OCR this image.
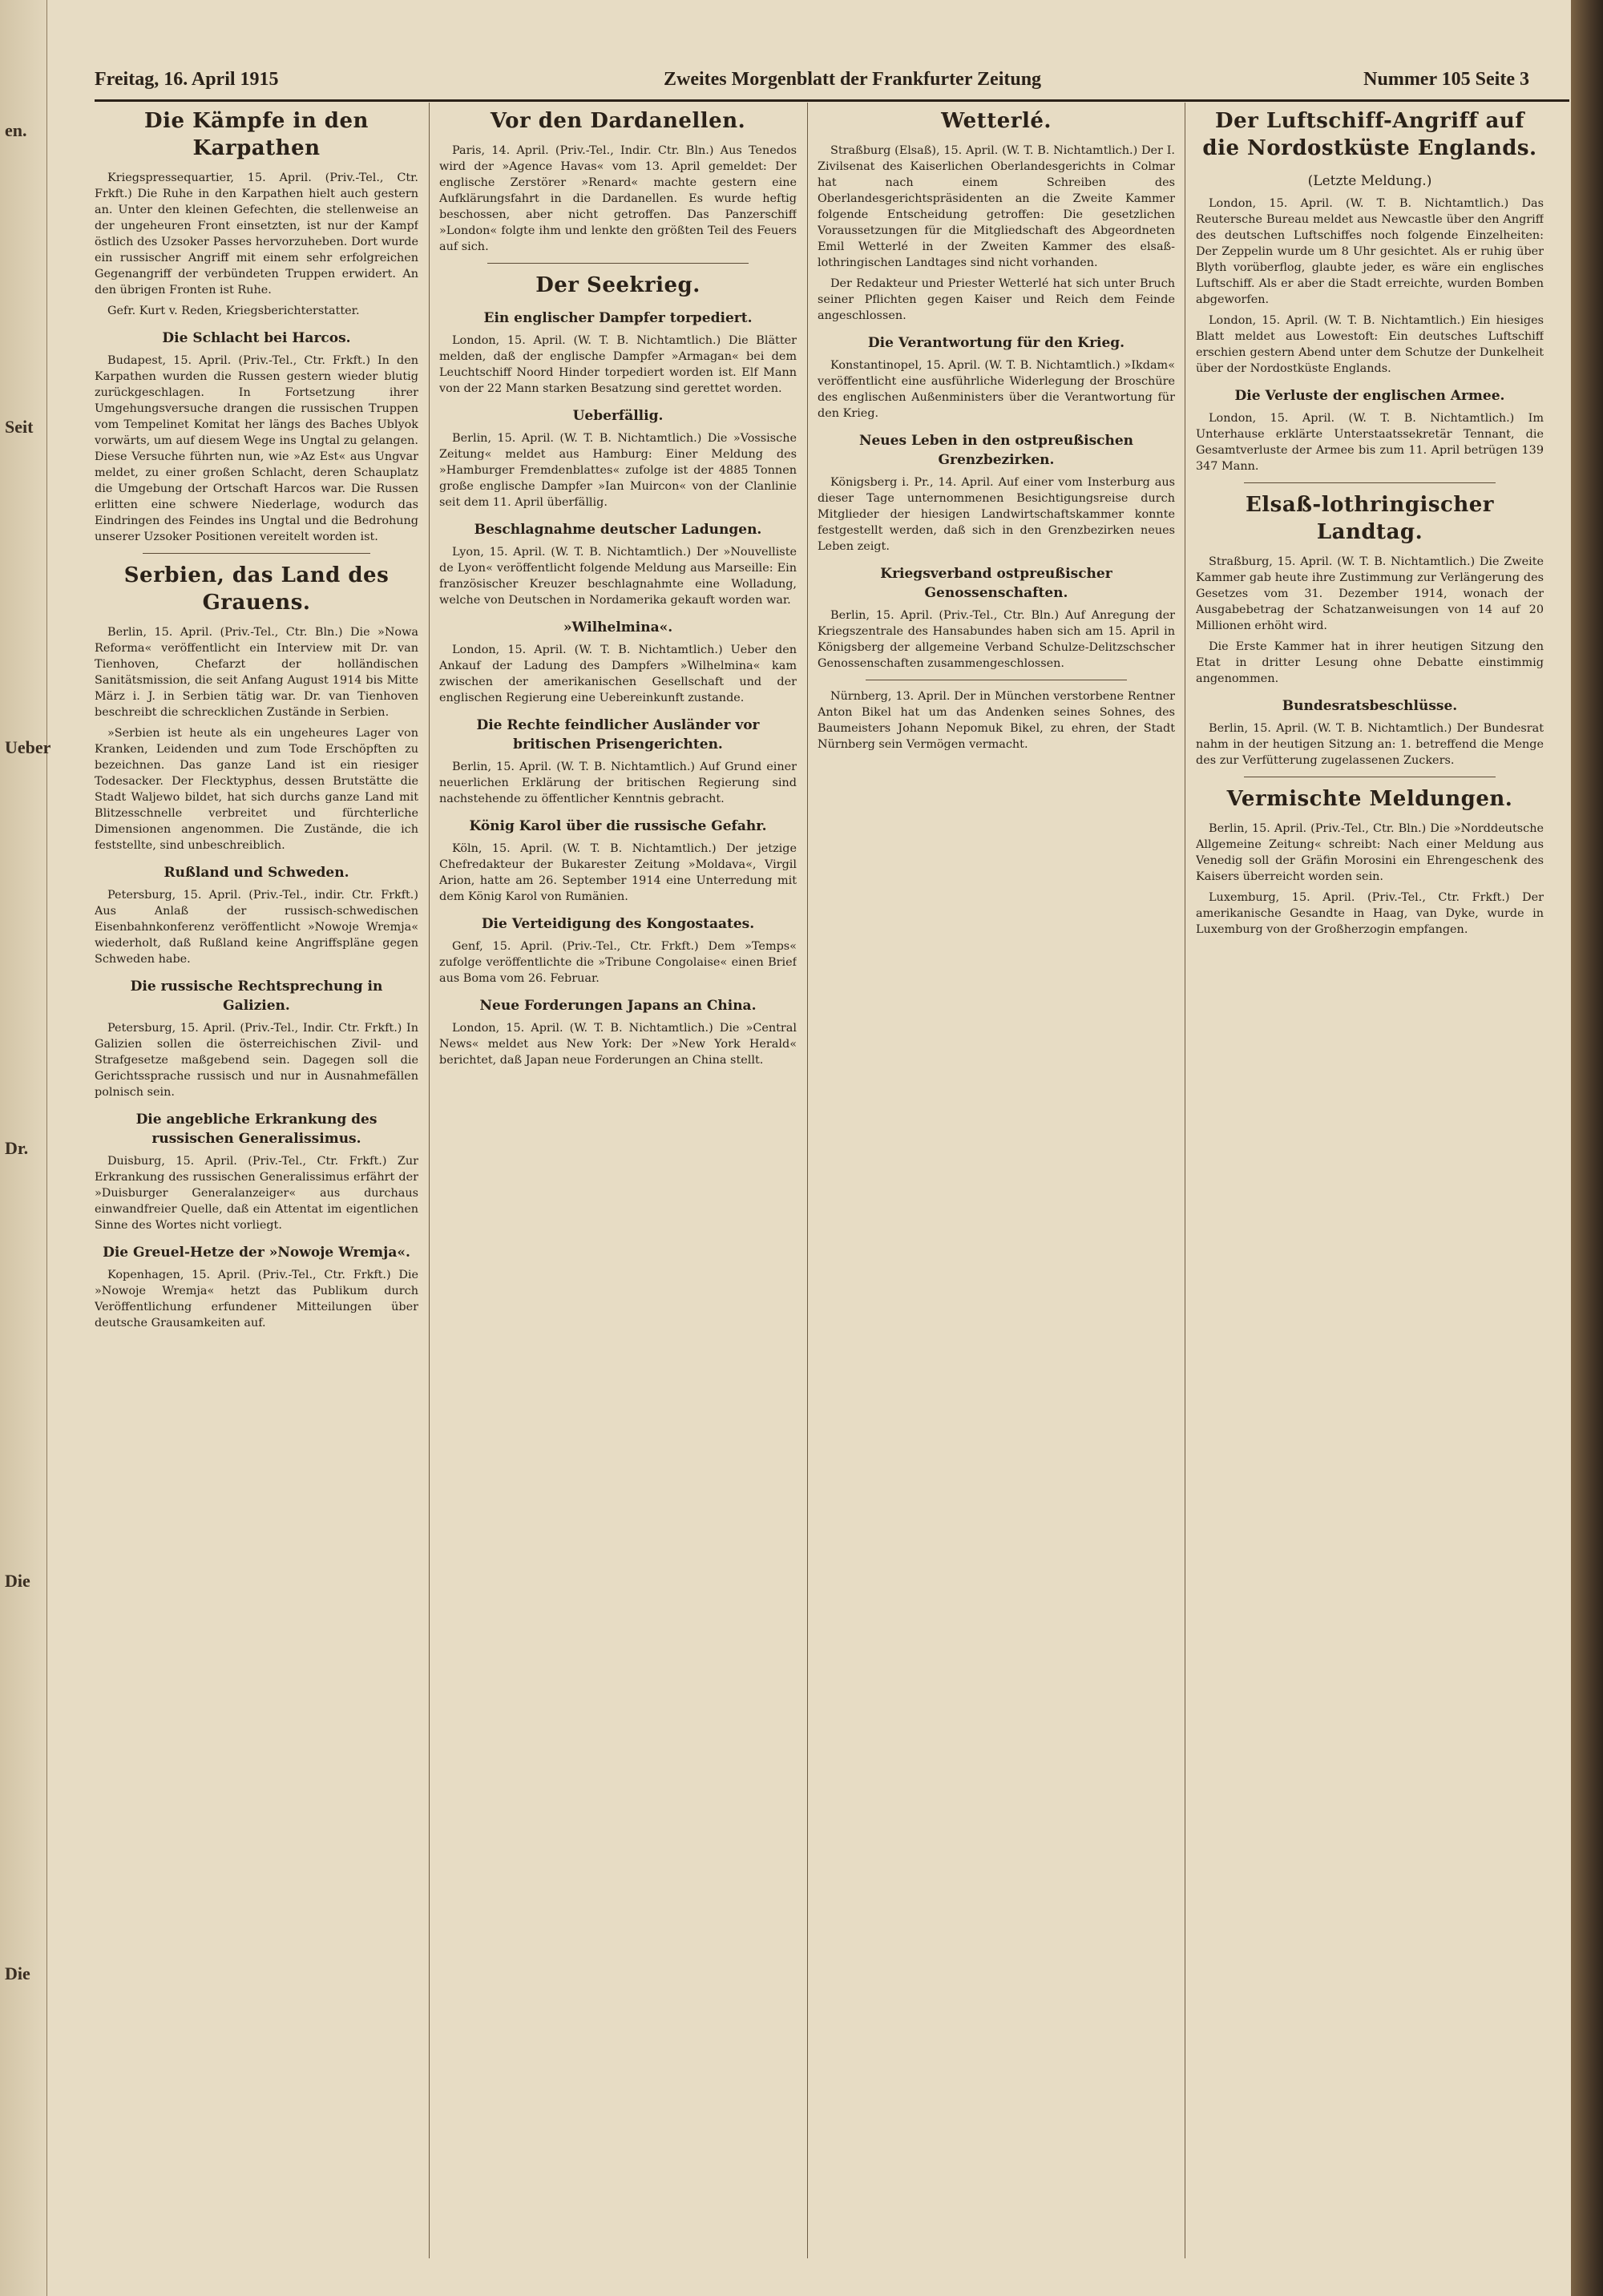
en.
Seit
Ueber
Dr.
Die
Die
Freitag, 16. April 1915	Zweites Morgenblatt der Frankfurter Zeitung	Nummer 105 Seite 3
Die Kämpfe in den Karpathen

Kriegspressequartier, 15. April. (Priv.-Tel., Ctr. Frkft.) Die Ruhe in den Karpathen hielt auch gestern an. Unter den kleinen Gefechten, die stellenweise an der ungeheuren Front einsetzten, ist nur der Kampf östlich des Uzsoker Passes hervorzuheben. Dort wurde ein russischer Angriff mit einem sehr erfolgreichen Gegenangriff der verbündeten Truppen erwidert. An den übrigen Fronten ist Ruhe.

Gefr. Kurt v. Reden, Kriegsberichterstatter.

Die Schlacht bei Harcos.

Budapest, 15. April. (Priv.-Tel., Ctr. Frkft.) In den Karpathen wurden die Russen gestern wieder blutig zurückgeschlagen. In Fortsetzung ihrer Umgehungsversuche drangen die russischen Truppen vom Tempelinet Komitat her längs des Baches Ublyok vorwärts, um auf diesem Wege ins Ungtal zu gelangen. Diese Versuche führten nun, wie »Az Est« aus Ungvar meldet, zu einer großen Schlacht, deren Schauplatz die Umgebung der Ortschaft Harcos war. Die Russen erlitten eine schwere Niederlage, wodurch das Eindringen des Feindes ins Ungtal und die Bedrohung unserer Uzsoker Positionen vereitelt worden ist.

Serbien, das Land des Grauens.

Berlin, 15. April. (Priv.-Tel., Ctr. Bln.) Die »Nowa Reforma« veröffentlicht ein Interview mit Dr. van Tienhoven, Chefarzt der holländischen Sanitätsmission, die seit Anfang August 1914 bis Mitte März i. J. in Serbien tätig war. Dr. van Tienhoven beschreibt die schrecklichen Zustände in Serbien.

»Serbien ist heute als ein ungeheures Lager von Kranken, Leidenden und zum Tode Erschöpften zu bezeichnen. Das ganze Land ist ein riesiger Todesacker. Der Flecktyphus, dessen Brutstätte die Stadt Waljewo bildet, hat sich durchs ganze Land mit Blitzesschnelle verbreitet und fürchterliche Dimensionen angenommen. Die Zustände, die ich feststellte, sind unbeschreiblich.

Rußland und Schweden.

Petersburg, 15. April. (Priv.-Tel., indir. Ctr. Frkft.) Aus Anlaß der russisch-schwedischen Eisenbahnkonferenz veröffentlicht »Nowoje Wremja« wiederholt, daß Rußland keine Angriffspläne gegen Schweden habe.

Die russische Rechtsprechung in Galizien.

Petersburg, 15. April. (Priv.-Tel., Indir. Ctr. Frkft.) In Galizien sollen die österreichischen Zivil- und Strafgesetze maßgebend sein. Dagegen soll die Gerichtssprache russisch und nur in Ausnahmefällen polnisch sein.

Die angebliche Erkrankung des russischen Generalissimus.

Duisburg, 15. April. (Priv.-Tel., Ctr. Frkft.) Zur Erkrankung des russischen Generalissimus erfährt der »Duisburger Generalanzeiger« aus durchaus einwandfreier Quelle, daß ein Attentat im eigentlichen Sinne des Wortes nicht vorliegt.

Die Greuel-Hetze der »Nowoje Wremja«.

Kopenhagen, 15. April. (Priv.-Tel., Ctr. Frkft.) Die »Nowoje Wremja« hetzt das Publikum durch Veröffentlichung erfundener Mitteilungen über deutsche Grausamkeiten auf.

Vor den Dardanellen.

Paris, 14. April. (Priv.-Tel., Indir. Ctr. Bln.) Aus Tenedos wird der »Agence Havas« vom 13. April gemeldet: Der englische Zerstörer »Renard« machte gestern eine Aufklärungsfahrt in die Dardanellen. Es wurde heftig beschossen, aber nicht getroffen. Das Panzerschiff »London« folgte ihm und lenkte den größten Teil des Feuers auf sich.

Der Seekrieg.
Ein englischer Dampfer torpediert.

London, 15. April. (W. T. B. Nichtamtlich.) Die Blätter melden, daß der englische Dampfer »Armagan« bei dem Leuchtschiff Noord Hinder torpediert worden ist. Elf Mann von der 22 Mann starken Besatzung sind gerettet worden.

Ueberfällig.

Berlin, 15. April. (W. T. B. Nichtamtlich.) Die »Vossische Zeitung« meldet aus Hamburg: Einer Meldung des »Hamburger Fremdenblattes« zufolge ist der 4885 Tonnen große englische Dampfer »Ian Muircon« von der Clanlinie seit dem 11. April überfällig.

Beschlagnahme deutscher Ladungen.

Lyon, 15. April. (W. T. B. Nichtamtlich.) Der »Nouvelliste de Lyon« veröffentlicht folgende Meldung aus Marseille: Ein französischer Kreuzer beschlagnahmte eine Wolladung, welche von Deutschen in Nordamerika gekauft worden war.

»Wilhelmina«.

London, 15. April. (W. T. B. Nichtamtlich.) Ueber den Ankauf der Ladung des Dampfers »Wilhelmina« kam zwischen der amerikanischen Gesellschaft und der englischen Regierung eine Uebereinkunft zustande.

Die Rechte feindlicher Ausländer vor britischen Prisengerichten.

Berlin, 15. April. (W. T. B. Nichtamtlich.) Auf Grund einer neuerlichen Erklärung der britischen Regierung sind nachstehende zu öffentlicher Kenntnis gebracht.

König Karol über die russische Gefahr.

Köln, 15. April. (W. T. B. Nichtamtlich.) Der jetzige Chefredakteur der Bukarester Zeitung »Moldava«, Virgil Arion, hatte am 26. September 1914 eine Unterredung mit dem König Karol von Rumänien.

Die Verteidigung des Kongostaates.

Genf, 15. April. (Priv.-Tel., Ctr. Frkft.) Dem »Temps« zufolge veröffentlichte die »Tribune Congolaise« einen Brief aus Boma vom 26. Februar.

Neue Forderungen Japans an China.

London, 15. April. (W. T. B. Nichtamtlich.) Die »Central News« meldet aus New York: Der »New York Herald« berichtet, daß Japan neue Forderungen an China stellt.

Wetterlé.

Straßburg (Elsaß), 15. April. (W. T. B. Nichtamtlich.) Der I. Zivilsenat des Kaiserlichen Oberlandesgerichts in Colmar hat nach einem Schreiben des Oberlandesgerichtspräsidenten an die Zweite Kammer folgende Entscheidung getroffen: Die gesetzlichen Voraussetzungen für die Mitgliedschaft des Abgeordneten Emil Wetterlé in der Zweiten Kammer des elsaß-lothringischen Landtages sind nicht vorhanden.

Der Redakteur und Priester Wetterlé hat sich unter Bruch seiner Pflichten gegen Kaiser und Reich dem Feinde angeschlossen.

Die Verantwortung für den Krieg.

Konstantinopel, 15. April. (W. T. B. Nichtamtlich.) »Ikdam« veröffentlicht eine ausführliche Widerlegung der Broschüre des englischen Außenministers über die Verantwortung für den Krieg.

Neues Leben in den ostpreußischen Grenzbezirken.

Königsberg i. Pr., 14. April. Auf einer vom Insterburg aus dieser Tage unternommenen Besichtigungsreise durch Mitglieder der hiesigen Landwirtschaftskammer konnte festgestellt werden, daß sich in den Grenzbezirken neues Leben zeigt.

Kriegsverband ostpreußischer Genossenschaften.

Berlin, 15. April. (Priv.-Tel., Ctr. Bln.) Auf Anregung der Kriegszentrale des Hansabundes haben sich am 15. April in Königsberg der allgemeine Verband Schulze-Delitzschscher Genossenschaften zusammengeschlossen.

Nürnberg, 13. April. Der in München verstorbene Rentner Anton Bikel hat um das Andenken seines Sohnes, des Baumeisters Johann Nepomuk Bikel, zu ehren, der Stadt Nürnberg sein Vermögen vermacht.

Der Luftschiff-Angriff auf die Nordostküste Englands.
(Letzte Meldung.)

London, 15. April. (W. T. B. Nichtamtlich.) Das Reutersche Bureau meldet aus Newcastle über den Angriff des deutschen Luftschiffes noch folgende Einzelheiten: Der Zeppelin wurde um 8 Uhr gesichtet. Als er ruhig über Blyth vorüberflog, glaubte jeder, es wäre ein englisches Luftschiff. Als er aber die Stadt erreichte, wurden Bomben abgeworfen.

London, 15. April. (W. T. B. Nichtamtlich.) Ein hiesiges Blatt meldet aus Lowestoft: Ein deutsches Luftschiff erschien gestern Abend unter dem Schutze der Dunkelheit über der Nordostküste Englands.

Die Verluste der englischen Armee.

London, 15. April. (W. T. B. Nichtamtlich.) Im Unterhause erklärte Unterstaatssekretär Tennant, die Gesamtverluste der Armee bis zum 11. April betrügen 139 347 Mann.

Elsaß-lothringischer Landtag.

Straßburg, 15. April. (W. T. B. Nichtamtlich.) Die Zweite Kammer gab heute ihre Zustimmung zur Verlängerung des Gesetzes vom 31. Dezember 1914, wonach der Ausgabebetrag der Schatzanweisungen von 14 auf 20 Millionen erhöht wird.

Die Erste Kammer hat in ihrer heutigen Sitzung den Etat in dritter Lesung ohne Debatte einstimmig angenommen.

Bundesratsbeschlüsse.

Berlin, 15. April. (W. T. B. Nichtamtlich.) Der Bundesrat nahm in der heutigen Sitzung an: 1. betreffend die Menge des zur Verfütterung zugelassenen Zuckers.

Vermischte Meldungen.

Berlin, 15. April. (Priv.-Tel., Ctr. Bln.) Die »Norddeutsche Allgemeine Zeitung« schreibt: Nach einer Meldung aus Venedig soll der Gräfin Morosini ein Ehrengeschenk des Kaisers überreicht worden sein.

Luxemburg, 15. April. (Priv.-Tel., Ctr. Frkft.) Der amerikanische Gesandte in Haag, van Dyke, wurde in Luxemburg von der Großherzogin empfangen.
